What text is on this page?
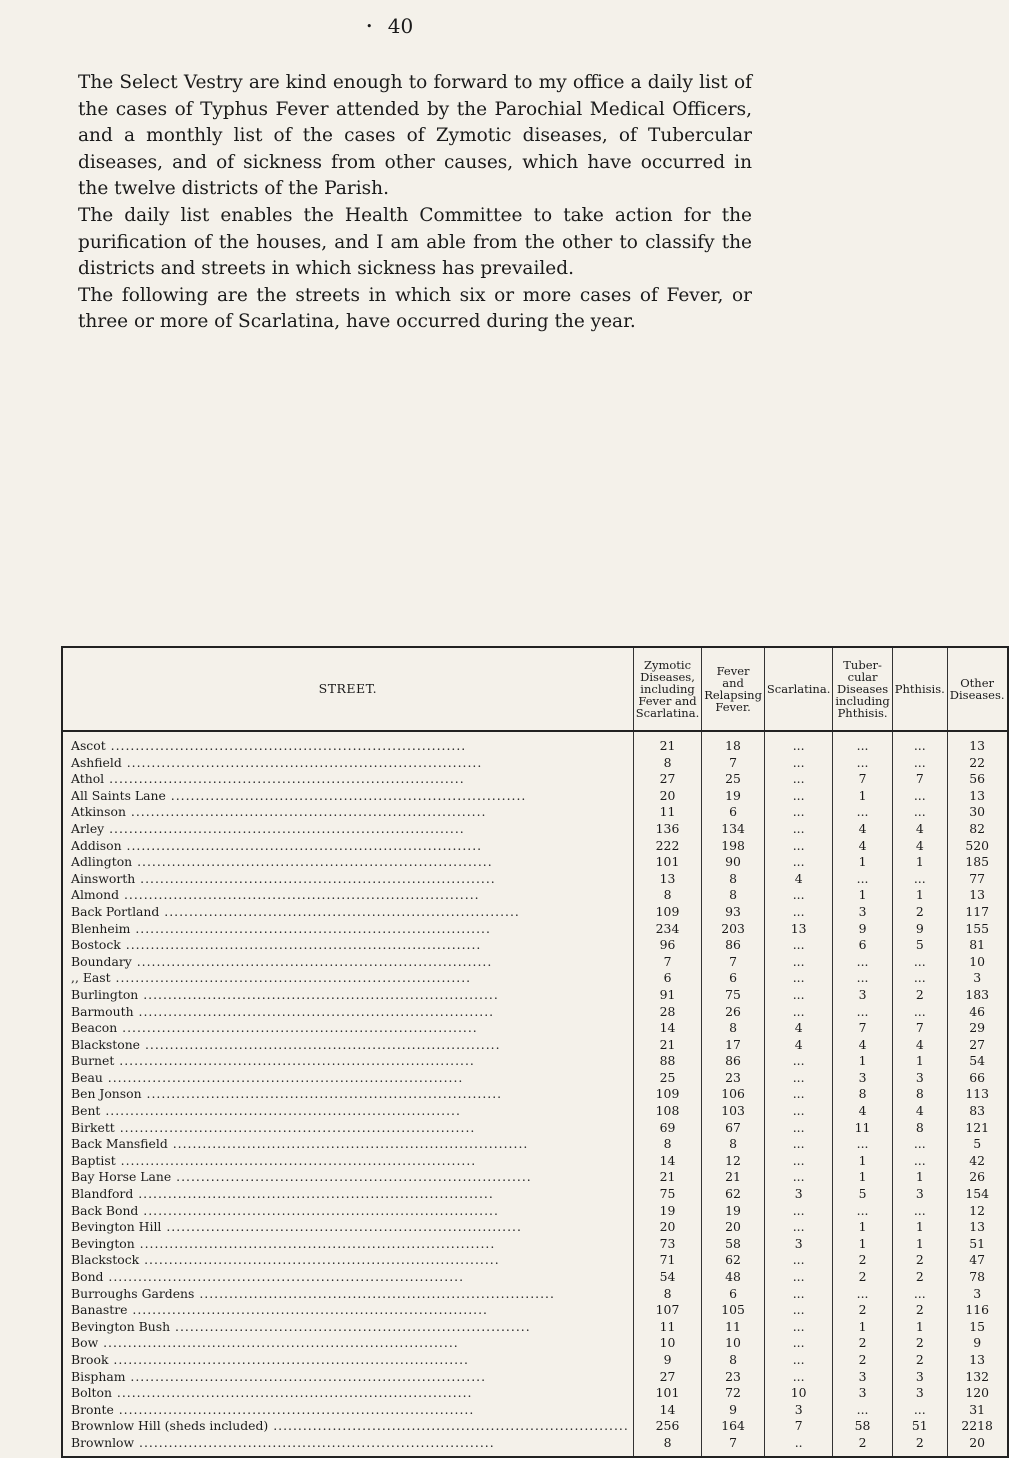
40
•

The Select Vestry are kind enough to forward to my office a daily list of the cases of Typhus Fever attended by the Parochial Medical Officers, and a monthly list of the cases of Zymotic diseases, of Tubercular diseases, and of sickness from other causes, which have occurred in the twelve districts of the Parish.

The daily list enables the Health Committee to take action for the purification of the houses, and I am able from the other to classify the districts and streets in which sickness has prevailed.

The following are the streets in which six or more cases of Fever, or three or more of Scarlatina, have occurred during the year.

STREET.	Zymotic Diseases, including Fever and Scarlatina.	Fever and Relapsing Fever.	Scarlatina.	Tuber-cular Diseases including Phthisis.	Phthisis.	Other Diseases.
Ascot .....	21	18	...	...	...	13
Ashfield .....	8	7	...	...	...	22
Athol .....	27	25	...	7	7	56
All Saints Lane .....	20	19	...	1	...	13
Atkinson .....	11	6	...	...	...	30
Arley .....	136	134	...	4	4	82
Addison .....	222	198	...	4	4	520
Adlington .....	101	90	...	1	1	185
Ainsworth .....	13	8	4	...	...	77
Almond .....	8	8	...	1	1	13
Back Portland .....	109	93	...	3	2	117
Blenheim .....	234	203	13	9	9	155
Bostock .....	96	86	...	6	5	81
Boundary .....	7	7	...	...	...	10
,, East .....	6	6	...	...	...	3
Burlington .....	91	75	...	3	2	183
Barmouth .....	28	26	...	...	...	46
Beacon .....	14	8	4	7	7	29
Blackstone .....	21	17	4	4	4	27
Burnet .....	88	86	...	1	1	54
Beau .....	25	23	...	3	3	66
Ben Jonson .....	109	106	...	8	8	113
Bent .....	108	103	...	4	4	83
Birkett .....	69	67	...	11	8	121
Back Mansfield .....	8	8	...	...	...	5
Baptist .....	14	12	...	1	...	42
Bay Horse Lane .....	21	21	...	1	1	26
Blandford .....	75	62	3	5	3	154
Back Bond .....	19	19	...	...	...	12
Bevington Hill .....	20	20	...	1	1	13
Bevington .....	73	58	3	1	1	51
Blackstock .....	71	62	...	2	2	47
Bond .....	54	48	...	2	2	78
Burroughs Gardens .....	8	6	...	...	...	3
Banastre .....	107	105	...	2	2	116
Bevington Bush .....	11	11	...	1	1	15
Bow .....	10	10	...	2	2	9
Brook .....	9	8	...	2	2	13
Bispham .....	27	23	...	3	3	132
Bolton .....	101	72	10	3	3	120
Bronte .....	14	9	3	...	...	31
Brownlow Hill (sheds included) .....	256	164	7	58	51	2218
Brownlow .....	8	7	..	2	2	20
